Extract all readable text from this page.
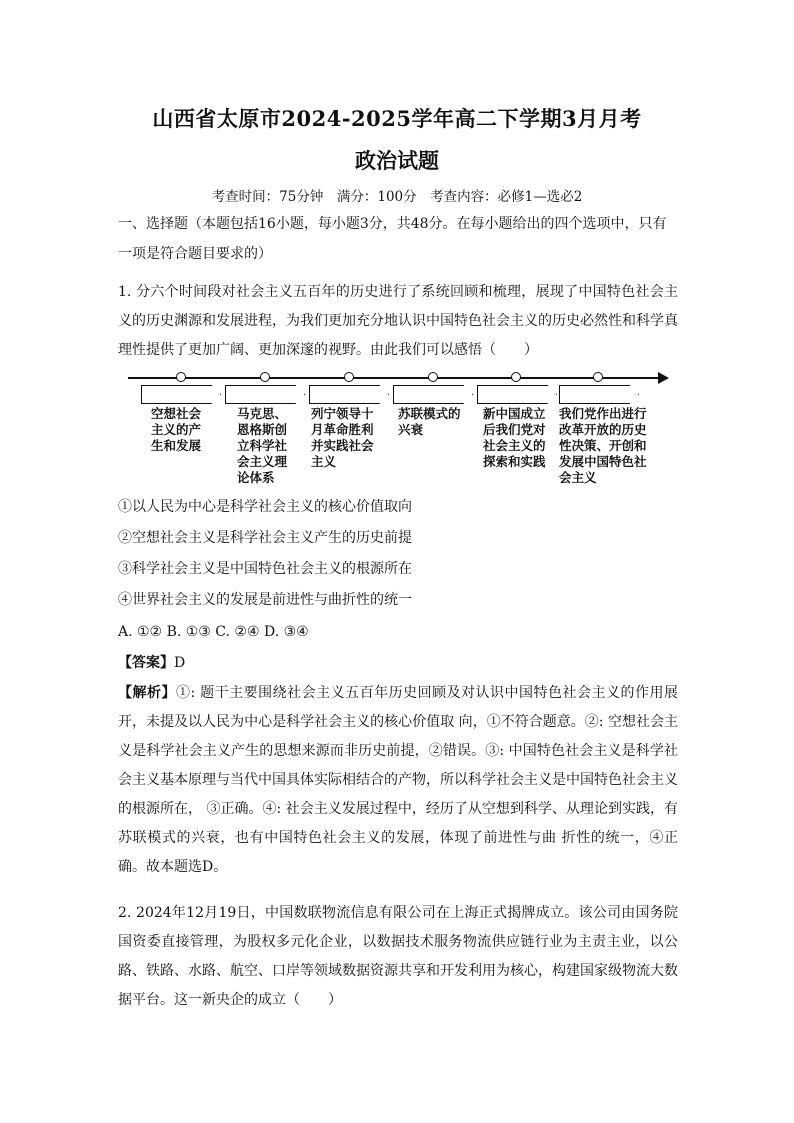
山西省太原市2024-2025学年高二下学期3月月考
政治试题
考查时间：75分钟　满分：100分　考查内容：必修1—选必2
一、选择题（本题包括16小题，每小题3分，共48分。在每小题给出的四个选项中，只有
一项是符合题目要求的）
1. 分六个时间段对社会主义五百年的历史进行了系统回顾和梳理，展现了中国特色社会主义的历史渊源和发展进程，为我们更加充分地认识中国特色社会主义的历史必然性和科学真理性提供了更加广阔、更加深邃的视野。由此我们可以感悟（　　）
空想社会
主义的产
生和发展
马克思、
恩格斯创
立科学社
会主义理
论体系
列宁领导十
月革命胜利
并实践社会
主义
苏联模式的
兴衰
新中国成立
后我们党对
社会主义的
探索和实践
我们党作出进行
改革开放的历史
性决策、开创和
发展中国特色社
会主义
①以人民为中心是科学社会主义的核心价值取向
②空想社会主义是科学社会主义产生的历史前提
③科学社会主义是中国特色社会主义的根源所在
④世界社会主义的发展是前进性与曲折性的统一
A. ①② B. ①③ C. ②④ D. ③④
【答案】D
【解析】①: 题干主要围绕社会主义五百年历史回顾及对认识中国特色社会主义的作用展开，未提及以人民为中心是科学社会主义的核心价值取 向，①不符合题意。②: 空想社会主义是科学社会主义产生的思想来源而非历史前提，②错误。③: 中国特色社会主义是科学社会主义基本原理与当代中国具体实际相结合的产物，所以科学社会主义是中国特色社会主义的根源所在， ③正确。④: 社会主义发展过程中，经历了从空想到科学、从理论到实践，有苏联模式的兴衰，也有中国特色社会主义的发展，体现了前进性与曲 折性的统一，④正确。故本题选D。
2. 2024年12月19日，中国数联物流信息有限公司在上海正式揭牌成立。该公司由国务院国资委直接管理，为股权多元化企业，以数据技术服务物流供应链行业为主责主业，以公路、铁路、水路、航空、口岸等领域数据资源共享和开发利用为核心，构建国家级物流大数据平台。这一新央企的成立（　　）
